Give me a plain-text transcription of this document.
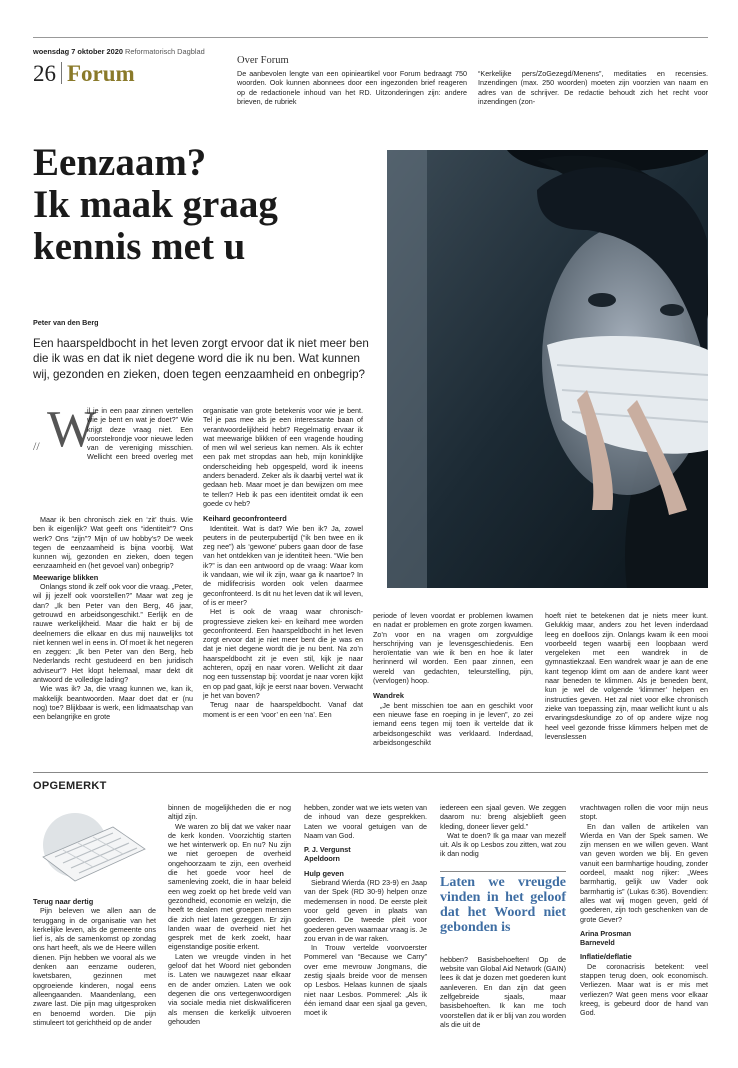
woensdag 7 oktober 2020 Reformatorisch Dagblad
26 Forum
Over Forum
De aanbevolen lengte van een opinieartikel voor Forum bedraagt 750 woorden. Ook kunnen abonnees door een ingezonden brief reageren op de redactionele inhoud van het RD. Uitzonderingen zijn: andere brieven, de rubriek
“Kerkelijke pers/ZoGezegd/Menens”, meditaties en recensies. Inzendingen (max. 250 woorden) moeten zijn voorzien van naam en adres van de schrijver. De redactie behoudt zich het recht voor inzendingen (zon-
Eenzaam?
Ik maak graag
kennis met u
Peter van den Berg
Een haarspeldbocht in het leven zorgt ervoor dat ik niet meer ben die ik was en dat ik niet degene word die ik nu ben. Wat kunnen wij, gezonden en zieken, doen tegen eenzaamheid en onbegrip?
// W

il je in een paar zinnen vertellen wie je bent en wat je doet?” Wie krijgt deze vraag niet. Een voorstelrondje voor nieuwe leden van de vereniging misschien. Wellicht een breed overleg met

Maar ik ben chronisch ziek en ‘zit’ thuis. Wie ben ik eigenlijk? Wat geeft ons “identiteit”? Ons werk? Ons “zijn”? Mijn of uw hobby’s? De week tegen de eenzaamheid is bijna voorbij. Wat kunnen wij, gezonden en zieken, doen tegen eenzaamheid en (het gevoel van) onbegrip?

Meewarige blikken

Onlangs stond ik zelf ook voor die vraag. „Peter, wil jij jezelf ook voorstellen?” Maar wat zeg je dan? „Ik ben Peter van den Berg, 46 jaar, getrouwd en arbeidsongeschikt.” Eerlijk en de rauwe werkelijkheid. Maar die hakt er bij de deelnemers die elkaar en dus mij nauwelijks tot niet kennen wel in eens in. Of moet ik het negeren en zeggen: „Ik ben Peter van den Berg, heb Nederlands recht gestudeerd en ben juridisch adviseur”? Het klopt helemaal, maar dekt dit antwoord de volledige lading?

Wie was ik? Ja, die vraag kunnen we, kan ik, makkelijk beantwoorden. Maar doet dat er (nu nog) toe? Blijkbaar is werk, een lidmaatschap van een belangrijke en grote

organisatie van grote betekenis voor wie je bent. Tel je pas mee als je een interessante baan of verantwoordelijkheid hebt? Regelmatig ervaar ik wat meewarige blikken of een vragende houding of men wil wel serieus kan nemen. Als ik echter een pak met stropdas aan heb, mijn koninklijke onderscheiding heb opgespeld, word ik ineens anders benaderd. Zeker als ik daarbij vertel wat ik gedaan heb. Maar moet je dan bewijzen om mee te tellen? Heb ik pas een identiteit omdat ik een goede cv heb?

Keihard geconfronteerd

Identiteit. Wat is dat? Wie ben ik? Ja, zowel peuters in de peuterpubertijd (“ik ben twee en ik zeg nee”) als ‘gewone’ pubers gaan door de fase van het ontdekken van je identiteit heen. “Wie ben ik?” is dan een antwoord op de vraag: Waar kom ik vandaan, wie wil ik zijn, waar ga ik naartoe? In de midlifecrisis worden ook velen daarmee geconfronteerd. Is dit nu het leven dat ik wil leven, of is er meer?

Het is ook de vraag waar chronisch-progressieve zieken kei- en keihard mee worden geconfronteerd. Een haarspeldbocht in het leven zorgt ervoor dat je niet meer bent die je was en dat je niet degene wordt die je nu bent. Na zo’n haarspeldbocht zit je even stil, kijk je naar achteren, opzij en naar voren. Wellicht zit daar nog een tussenstap bij: voordat je naar voren kijkt en op pad gaat, kijk je eerst naar boven. Verwacht je het van boven?

Terug naar de haarspeldbocht. Vanaf dat moment is er een ‘voor’ en een ‘na’. Een

periode of leven voordat er problemen kwamen en nadat er problemen en grote zorgen kwamen. Zo’n voor en na vragen om zorgvuldige herschrijving van je levensgeschiedenis. Een heroïentatie van wie ik ben en hoe ik later herinnerd wil worden. Een paar zinnen, een wereld van gedachten, teleurstelling, pijn, (vervlogen) hoop.

Wandrek

„Je bent misschien toe aan en geschikt voor een nieuwe fase en roeping in je leven”, zo zei iemand eens tegen mij toen ik vertelde dat ik arbeidsongeschikt was verklaard. Inderdaad, arbeidsongeschikt

hoeft niet te betekenen dat je niets meer kunt. Gelukkig maar, anders zou het leven inderdaad leeg en doelloos zijn. Onlangs kwam ik een mooi voorbeeld tegen waarbij een loopbaan werd vergeleken met een wandrek in de gymnastiekzaal. Een wandrek waar je aan de ene kant tegenop klimt om aan de andere kant weer naar beneden te klimmen. Als je beneden bent, kun je wel de volgende ‘klimmer’ helpen en instructies geven. Het zal niet voor elke chronisch zieke van toepassing zijn, maar wellicht kunt u als ervaringsdeskundige zo of op andere wijze nog heel veel gezonde frisse klimmers helpen met de levenslessen

OPGEMERKT
Terug naar dertig

Pijn beleven we allen aan de teruggang in de organisatie van het kerkelijke leven, als de gemeente ons lief is, als de samenkomst op zondag ons hart heeft, als we de Heere willen dienen. Pijn hebben we vooral als we denken aan eenzame ouderen, kwetsbaren, gezinnen met opgroeiende kinderen, nogal eens alleengaanden. Maandenlang, een zware last. Die pijn mag uitgesproken en benoemd worden. Die pijn stimuleert tot gerichtheid op de ander

binnen de mogelijkheden die er nog altijd zijn.

We waren zo blij dat we vaker naar de kerk konden. Voorzichtig starten we het winterwerk op. En nu? Nu zijn we niet geroepen de overheid ongehoorzaam te zijn, een overheid die het goede voor heel de samenleving zoekt, die in haar beleid een weg zoekt op het brede veld van gezondheid, economie en welzijn, die heeft te dealen met groepen mensen die zich niet laten gezeggen. Er zijn landen waar de overheid niet het gesprek met de kerk zoekt, haar eigenstandige positie erkent.

Laten we vreugde vinden in het geloof dat het Woord niet gebonden is. Laten we nauwgezet naar elkaar en de ander omzien. Laten we ook degenen die ons vertegenwoordigen via sociale media niet diskwalificeren als mensen die kerkelijk uitvoeren gehouden

hebben, zonder wat we iets weten van de inhoud van deze gesprekken. Laten we vooral getuigen van de Naam van God.

P. J. Vergunst
Apeldoorn
Hulp geven

Siebrand Wierda (RD 23-9) en Jaap van der Spek (RD 30-9) helpen onze medemensen in nood. De eerste pleit voor geld geven in plaats van goederen. De tweede pleit voor goederen geven waarnaar vraag is. Je zou ervan in de war raken.

In Trouw vertelde voorvoerster Pommerel van “Because we Carry” over eme mevrouw Jongmans, die zestig sjaals breide voor de mensen op Lesbos. Helaas kunnen de sjaals niet naar Lesbos. Pommerel: „Als ik één iemand daar een sjaal ga geven, moet ik

iedereen een sjaal geven. We zeggen daarom nu: breng alsjeblieft geen kleding, doneer liever geld.”

Wat te doen? Ik ga maar van mezelf uit. Als ik op Lesbos zou zitten, wat zou ik dan nodig

Laten we vreugde vinden in het geloof dat het Woord niet gebonden is

hebben? Basisbehoeften! Op de website van Global Aid Network (GAIN) lees ik dat je dozen met goederen kunt aanleveren. En dan zijn dat geen zelfgebreide sjaals, maar basisbehoeften. Ik kan me toch voorstellen dat ik er blij van zou worden als die uit de

vrachtwagen rollen die voor mijn neus stopt.

En dan vallen de artikelen van Wierda en Van der Spek samen. We zijn mensen en we willen geven. Want van geven worden we blij. En geven vanuit een barmhartige houding, zonder oordeel, maakt nog rijker: „Wees barmhartig, gelijk uw Vader ook barmhartig is” (Lukas 6:36). Bovendien: alles wat wij mogen geven, geld óf goederen, zijn toch geschenken van de grote Gever?

Arina Prosman
Barneveld
Inflatie/deflatie

De coronacrisis betekent: veel stappen terug doen, ook economisch. Verliezen. Maar wat is er mis met verliezen? Wat geen mens voor elkaar kreeg, is gebeurd door de hand van God.
